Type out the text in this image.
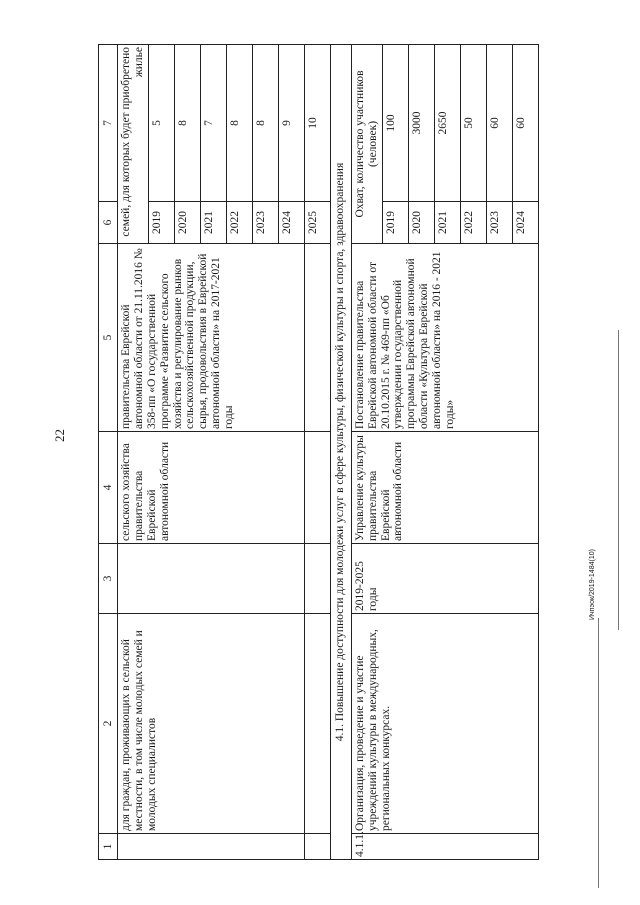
22
Ичпэок/2019-1484(10)
1	2	3	4	5	6	7
	для граждан, проживающих в сельской местности, в том числе молодых семей и молодых специалистов		сельского хозяйства правительства Еврейской автономной области	правительства Еврейской автономной области от 21.11.2016 № 358-пп «О государственной программе «Развитие сельского хозяйства и регулирование рынков сельскохозяйственной продукции, сырья, продовольствия в Еврейской автономной области» на 2017-2021 годы	семей, для которых будет приобретено жилье	
					2019	5
					2020	8
					2021	7
					2022	8
					2023	8
					2024	9
					2025	10
4.1. Повышение доступности для молодежи услуг в сфере культуры, физической культуры и спорта, здравоохранения						
4.1.1.	Организация, проведение и участие учреждений культуры в международных, региональных конкурсах.	2019-2025 годы	Управление культуры правительства Еврейской автономной области	Постановление правительства Еврейской автономной области от 20.10.2015 г. № 469-пп «Об утверждении государственной программы Еврейской автономной области «Культура Еврейской автономной области» на 2016 - 2021 годы»	Охват, количество участников (человек)	
					2019	100
					2020	3000
					2021	2650
					2022	50
					2023	60
					2024	60
